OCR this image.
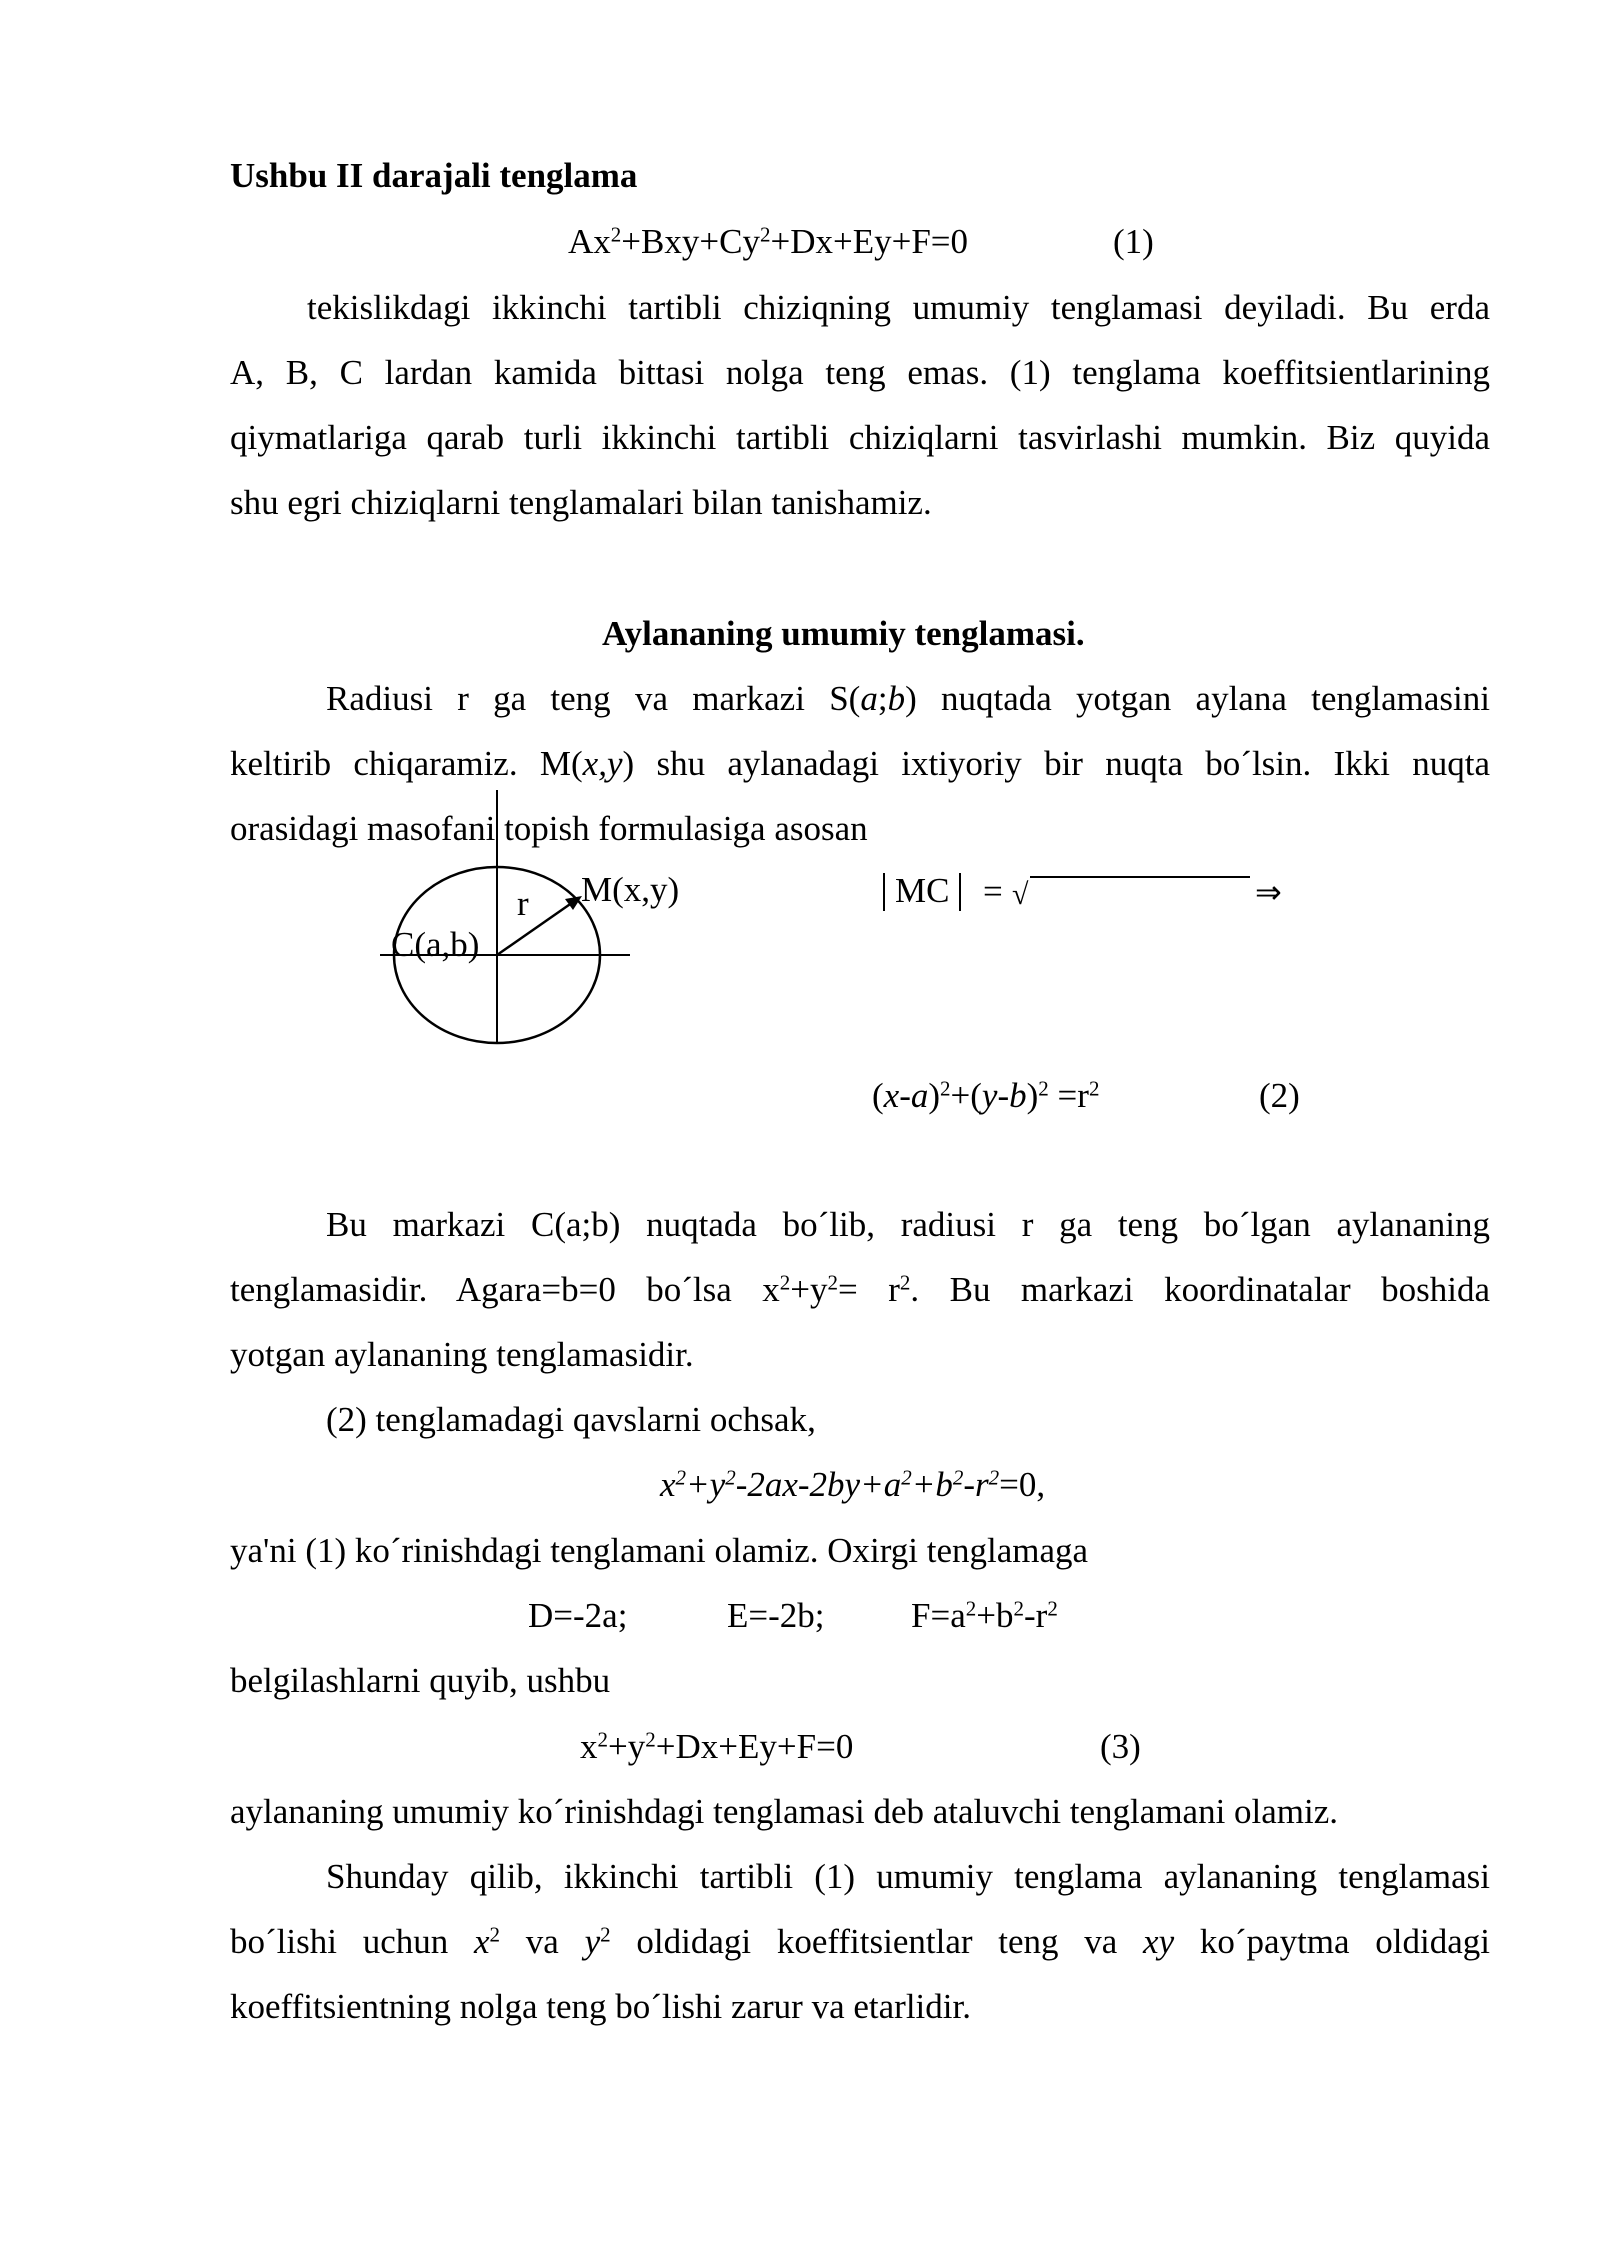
Ushbu II darajali tenglama
$Ax^2+Bxy+Cy^2+Dx+Ey+F=0$	(1)
tekislikdagi ikkinchi tartibli chiziqning umumiy tenglamasi deyiladi. Bu erda
A, B, C lardan kamida bittasi nolga teng emas. (1) tenglama koeffitsientlarining
qiymatlariga qarab turli ikkinchi tartibli chiziqlarni tasvirlashi mumkin. Biz quyida
shu egri chiziqlarni tenglamalari bilan tanishamiz.
Aylananing umumiy tenglamasi.
Radiusi r ga teng va markazi S(a;b) nuqtada yotgan aylana tenglamasini
keltirib chiqaramiz. M(x,y) shu aylanadagi ixtiyoriy bir nuqta bo´lsin. Ikki nuqta
orasidagi masofani topish formulasiga asosan
M(x,y)
r
C(a,b)
MC = √	⇒
$(x-a)^2+(y-b)^2 =r^2$	(2)
Bu markazi C(a;b) nuqtada bo´lib, radiusi r ga teng bo´lgan aylananing
tenglamasidir. Agara=b=0 bo´lsa $x^2+y^2= r^2$. Bu markazi koordinatalar boshida
yotgan aylananing tenglamasidir.
(2) tenglamadagi qavslarni ochsak,
$x^2+y^2-2ax-2by+a^2+b^2-r^2=0$,
ya'ni (1) ko´rinishdagi tenglamani olamiz. Oxirgi tenglamaga
D=-2a;	E=-2b; $F=a^2+b^2-r^2$
belgilashlarni quyib, ushbu
$x^2+y^2+Dx+Ey+F=0$	(3)
aylananing umumiy ko´rinishdagi tenglamasi deb ataluvchi tenglamani olamiz.
Shunday qilib, ikkinchi tartibli (1) umumiy tenglama aylananing tenglamasi
bo´lishi uchun $x^2$ va $y^2$ oldidagi koeffitsientlar teng va xy ko´paytma oldidagi
koeffitsientning nolga teng bo´lishi zarur va etarlidir.
